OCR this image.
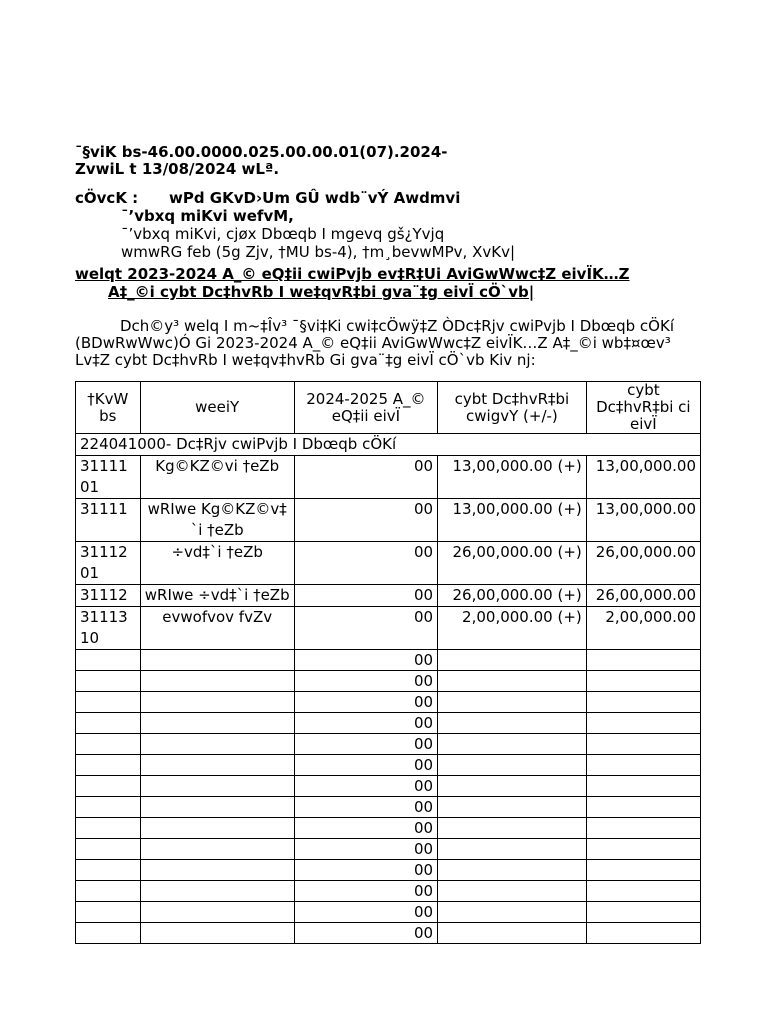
¯§viK bs-46.00.0000.025.00.00.01(07).2024-
ZvwiL t 13/08/2024 wLª.
cÖvcK : wPd GKvD›Um GÛ wdb¨vÝ Awdmvi
¯’vbxq miKvi wefvM,
¯’vbxq miKvi, cjøx Dbœqb I mgevq gš¿Yvjq
wmwRG feb (5g Zjv, †MU bs-4), †m¸bevwMPv, XvKv|
welqt 2023-2024 A_© eQ‡ii cwiPvjb ev‡R‡Ui AviGwWwc‡Z eivÏK…Z
A‡_©i cybt Dc‡hvRb I we‡qvR‡bi gva¨‡g eivÏ cÖ`vb|
Dch©y³ welq I m~‡Îv³ ¯§vi‡Ki cwi‡cÖwÿ‡Z ÒDc‡Rjv cwiPvjb I Dbœqb cÖKí
(BDwRwWwc)Ó Gi 2023-2024 A_© eQ‡ii AviGwWwc‡Z eivÏK…Z A‡_©i wb‡¤œv³
Lv‡Z cybt Dc‡hvRb I we‡qv‡hvRb Gi gva¨‡g eivÏ cÖ`vb Kiv nj:
†KvW bs	weeiY	2024-2025 A_© eQ‡ii eivÏ	cybt Dc‡hvR‡bi cwigvY (+/-)	cybt Dc‡hvR‡bi ci eivÏ
224041000- Dc‡Rjv cwiPvjb I Dbœqb cÖKí				
3111101	Kg©KZ©vi †eZb	00	13,00,000.00 (+)	13,00,000.00
31111	wRIwe Kg©KZ©v‡`i †eZb	00	13,00,000.00 (+)	13,00,000.00
3111201	÷vd‡`i †eZb	00	26,00,000.00 (+)	26,00,000.00
31112	wRIwe ÷vd‡`i †eZb	00	26,00,000.00 (+)	26,00,000.00
3111310	evwofvov fvZv	00	2,00,000.00 (+)	2,00,000.00
		00		
		00		
		00		
		00		
		00		
		00		
		00		
		00		
		00		
		00		
		00		
		00		
		00		
		00		
